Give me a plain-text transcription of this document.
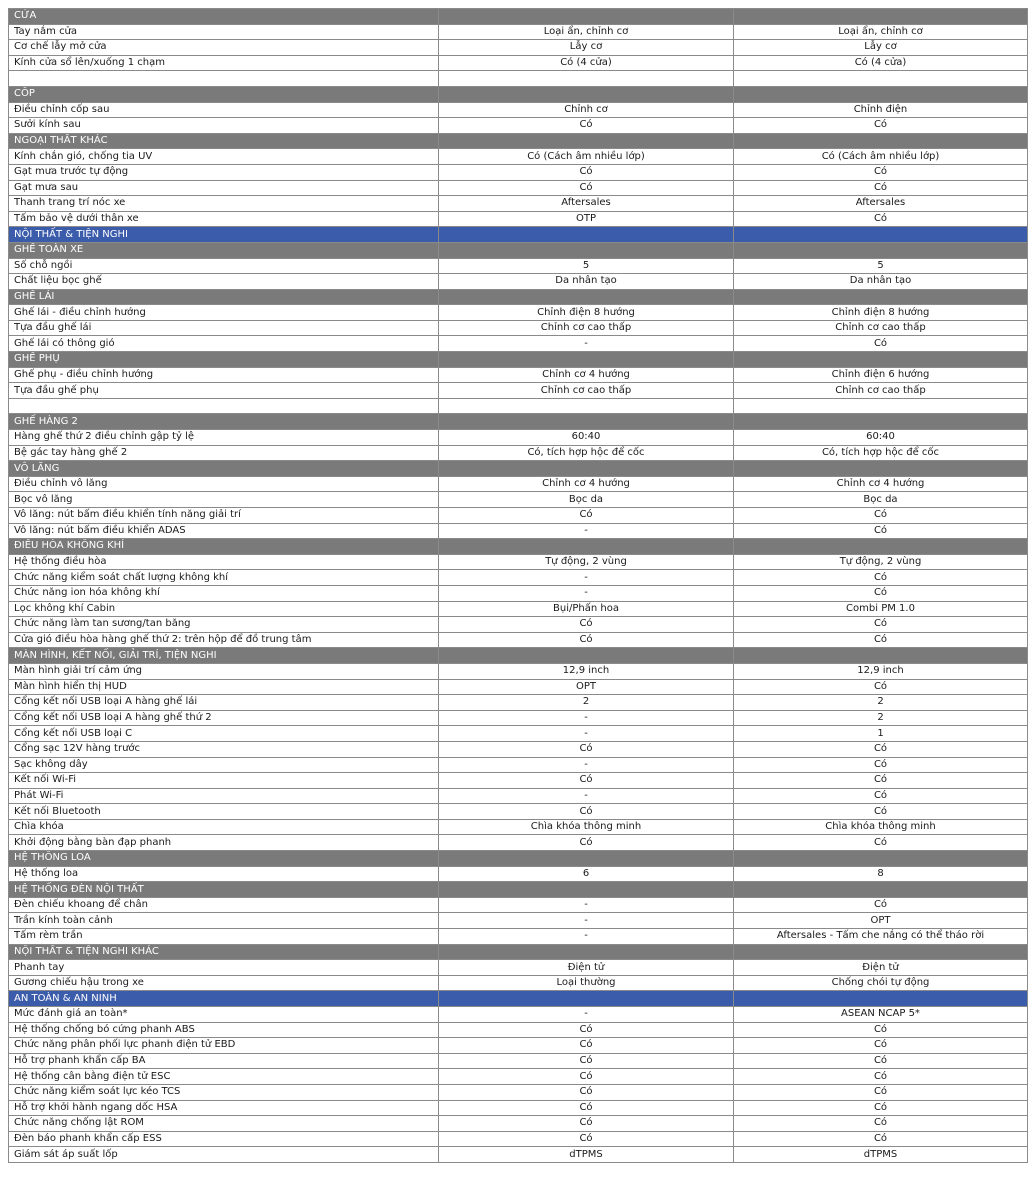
CỬA		
Tay nắm cửa	Loại ẩn, chỉnh cơ	Loại ẩn, chỉnh cơ
Cơ chế lẫy mở cửa	Lẫy cơ	Lẫy cơ
Kính cửa sổ lên/xuống 1 chạm	Có (4 cửa)	Có (4 cửa)

CỐP		
Điều chỉnh cốp sau	Chỉnh cơ	Chỉnh điện
Sưởi kính sau	Có	Có
NGOẠI THẤT KHÁC		
Kính chắn gió, chống tia UV	Có (Cách âm nhiều lớp)	Có (Cách âm nhiều lớp)
Gạt mưa trước tự động	Có	Có
Gạt mưa sau	Có	Có
Thanh trang trí nóc xe	Aftersales	Aftersales
Tấm bảo vệ dưới thân xe	OTP	Có
NỘI THẤT & TIỆN NGHI		
GHẾ TOÀN XE		
Số chỗ ngồi	5	5
Chất liệu bọc ghế	Da nhân tạo	Da nhân tạo
GHẾ LÁI		
Ghế lái - điều chỉnh hướng	Chỉnh điện 8 hướng	Chỉnh điện 8 hướng
Tựa đầu ghế lái	Chỉnh cơ cao thấp	Chỉnh cơ cao thấp
Ghế lái có thông gió	-	Có
GHẾ PHỤ		
Ghế phụ - điều chỉnh hướng	Chỉnh cơ 4 hướng	Chỉnh điện 6 hướng
Tựa đầu ghế phụ	Chỉnh cơ cao thấp	Chỉnh cơ cao thấp

GHẾ HÀNG 2		
Hàng ghế thứ 2 điều chỉnh gập tỷ lệ	60:40	60:40
Bệ gác tay hàng ghế 2	Có, tích hợp hộc để cốc	Có, tích hợp hộc để cốc
VÔ LĂNG		
Điều chỉnh vô lăng	Chỉnh cơ 4 hướng	Chỉnh cơ 4 hướng
Bọc vô lăng	Bọc da	Bọc da
Vô lăng: nút bấm điều khiển tính năng giải trí	Có	Có
Vô lăng: nút bấm điều khiển ADAS	-	Có
ĐIỀU HÒA KHÔNG KHÍ		
Hệ thống điều hòa	Tự động, 2 vùng	Tự động, 2 vùng
Chức năng kiểm soát chất lượng không khí	-	Có
Chức năng ion hóa không khí	-	Có
Lọc không khí Cabin	Bụi/Phấn hoa	Combi PM 1.0
Chức năng làm tan sương/tan băng	Có	Có
Cửa gió điều hòa hàng ghế thứ 2: trên hộp để đồ trung tâm	Có	Có
MÀN HÌNH, KẾT NỐI, GIẢI TRÍ, TIỆN NGHI		
Màn hình giải trí cảm ứng	12,9 inch	12,9 inch
Màn hình hiển thị HUD	OPT	Có
Cổng kết nối USB loại A hàng ghế lái	2	2
Cổng kết nối USB loại A hàng ghế thứ 2	-	2
Cổng kết nối USB loại C	-	1
Cổng sạc 12V hàng trước	Có	Có
Sạc không dây	-	Có
Kết nối Wi-Fi	Có	Có
Phát Wi-Fi	-	Có
Kết nối Bluetooth	Có	Có
Chìa khóa	Chìa khóa thông minh	Chìa khóa thông minh
Khởi động bằng bàn đạp phanh	Có	Có
HỆ THỐNG LOA		
Hệ thống loa	6	8
HỆ THỐNG ĐÈN NỘI THẤT		
Đèn chiếu khoang để chân	-	Có
Trần kính toàn cảnh	-	OPT
Tấm rèm trần	-	Aftersales - Tấm che nắng có thể tháo rời
NỘI THẤT & TIỆN NGHI KHÁC		
Phanh tay	Điện tử	Điện tử
Gương chiếu hậu trong xe	Loại thường	Chống chói tự động
AN TOÀN & AN NINH		
Mức đánh giá an toàn*	-	ASEAN NCAP 5*
Hệ thống chống bó cứng phanh ABS	Có	Có
Chức năng phân phối lực phanh điện tử EBD	Có	Có
Hỗ trợ phanh khẩn cấp BA	Có	Có
Hệ thống cân bằng điện tử ESC	Có	Có
Chức năng kiểm soát lực kéo TCS	Có	Có
Hỗ trợ khởi hành ngang dốc HSA	Có	Có
Chức năng chống lật ROM	Có	Có
Đèn báo phanh khẩn cấp ESS	Có	Có
Giám sát áp suất lốp	dTPMS	dTPMS
